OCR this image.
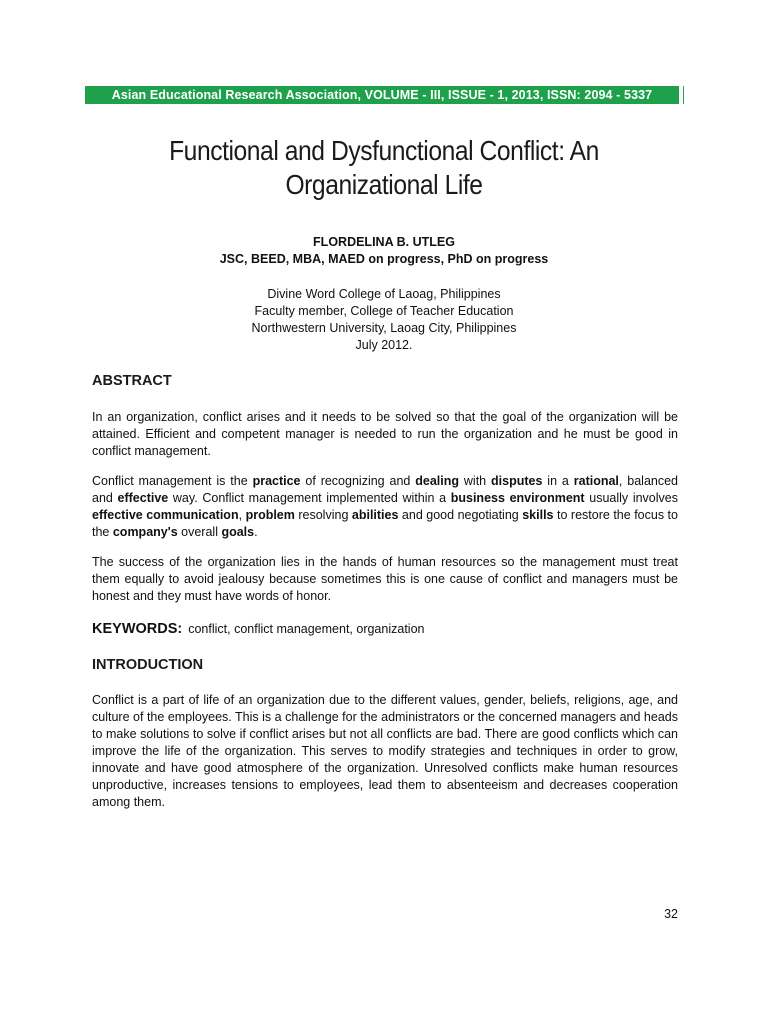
Asian Educational Research Association, VOLUME - III, ISSUE - 1, 2013, ISSN: 2094 - 5337
Functional and Dysfunctional Conflict: An
Organizational Life
FLORDELINA B. UTLEG
JSC, BEED, MBA, MAED on progress, PhD on progress
Divine Word College of Laoag, Philippines
Faculty member, College of Teacher Education
Northwestern University, Laoag City, Philippines
July 2012.
ABSTRACT

In an organization, conflict arises and it needs to be solved so that the goal of the organization will be attained. Efficient and competent manager is needed to run the organization and he must be good in conflict management.

Conflict management is the practice of recognizing and dealing with disputes in a rational, balanced and effective way. Conflict management implemented within a business environment usually involves effective communication, problem resolving abilities and good negotiating skills to restore the focus to the company's overall goals.

The success of the organization lies in the hands of human resources so the management must treat them equally to avoid jealousy because sometimes this is one cause of conflict and managers must be honest and they must have words of honor.

KEYWORDS: conflict, conflict management, organization
INTRODUCTION

Conflict is a part of life of an organization due to the different values, gender, beliefs, religions, age, and culture of the employees. This is a challenge for the administrators or the concerned managers and heads to make solutions to solve if conflict arises but not all conflicts are bad. There are good conflicts which can improve the life of the organization. This serves to modify strategies and techniques in order to grow, innovate and have good atmosphere of the organization. Unresolved conflicts make human resources unproductive, increases tensions to employees, lead them to absenteeism and decreases cooperation among them.

32
